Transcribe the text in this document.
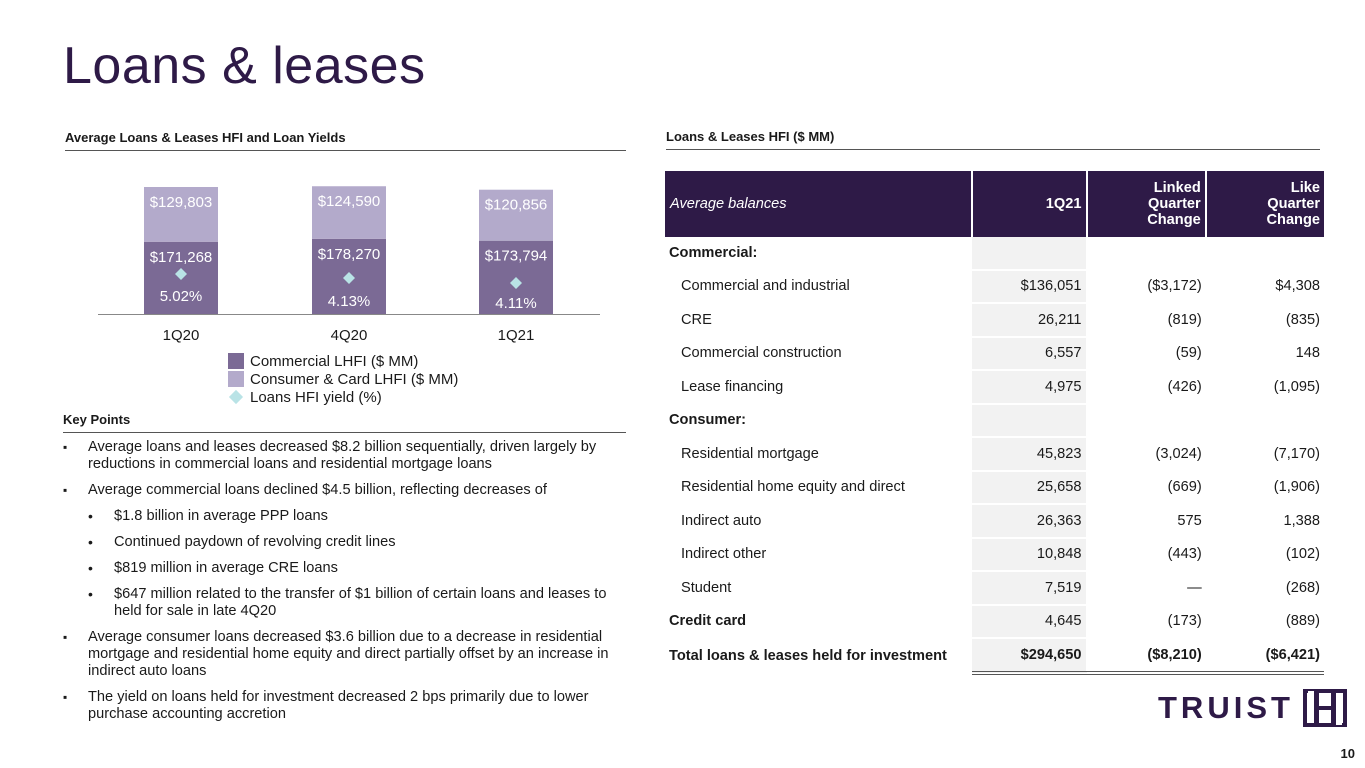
Loans & leases
Average Loans & Leases HFI and Loan Yields
$129,803
$171,268
5.02%
1Q20
$124,590
$178,270
4.13%
4Q20
$120,856
$173,794
4.11%
1Q21
Commercial LHFI ($ MM)
Consumer & Card LHFI ($ MM)
Loans HFI yield (%)
Key Points
▪ Average loans and leases decreased $8.2 billion sequentially, driven largely by reductions in commercial loans and residential mortgage loans
▪ Average commercial loans declined $4.5 billion, reflecting decreases of
• $1.8 billion in average PPP loans
• Continued paydown of revolving credit lines
• $819 million in average CRE loans
• $647 million related to the transfer of $1 billion of certain loans and leases to held for sale in late 4Q20
▪ Average consumer loans decreased $3.6 billion due to a decrease in residential mortgage and residential home equity and direct partially offset by an increase in indirect auto loans
▪ The yield on loans held for investment decreased 2 bps primarily due to lower purchase accounting accretion
Loans & Leases HFI ($ MM)
Average balances	1Q21	Linked
Quarter
Change	Like
Quarter
Change

Commercial:			
Commercial and industrial	$136,051	($3,172)	$4,308
CRE	26,211	(819)	(835)
Commercial construction	6,557	(59)	148
Lease financing	4,975	(426)	(1,095)
Consumer:			
Residential mortgage	45,823	(3,024)	(7,170)
Residential home equity and direct	25,658	(669)	(1,906)
Indirect auto	26,363	575	1,388
Indirect other	10,848	(443)	(102)
Student	7,519	—	(268)
Credit card	4,645	(173)	(889)
Total loans & leases held for investment	$294,650	($8,210)	($6,421)
TRUIST
10
